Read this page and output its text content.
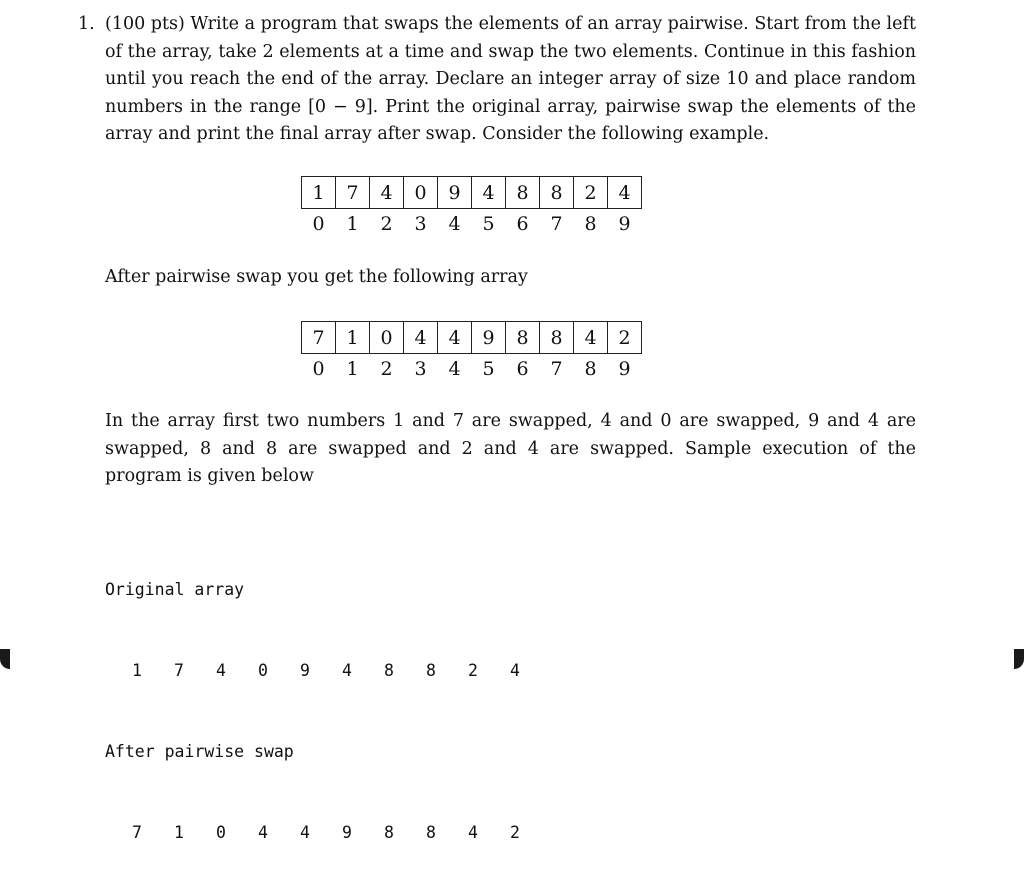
1. (100 pts) Write a program that swaps the elements of an array pairwise. Start from the left of the array, take 2 elements at a time and swap the two elements. Continue in this fashion until you reach the end of the array. Declare an integer array of size 10 and place random numbers in the range [0 − 9]. Print the original array, pairwise swap the elements of the array and print the final array after swap. Consider the following example.
1	7	4	0	9	4	8	8	2	4
0	1	2	3	4	5	6	7	8	9
After pairwise swap you get the following array
7	1	0	4	4	9	8	8	4	2
0	1	2	3	4	5	6	7	8	9
In the array first two numbers 1 and 7 are swapped, 4 and 0 are swapped, 9 and 4 are swapped, 8 and 8 are swapped and 2 and 4 are swapped. Sample execution of the program is given below

Original array

1	7	4	0	9	4	8	8	2	4

After pairwise swap

7	1	0	4	4	9	8	8	4	2
